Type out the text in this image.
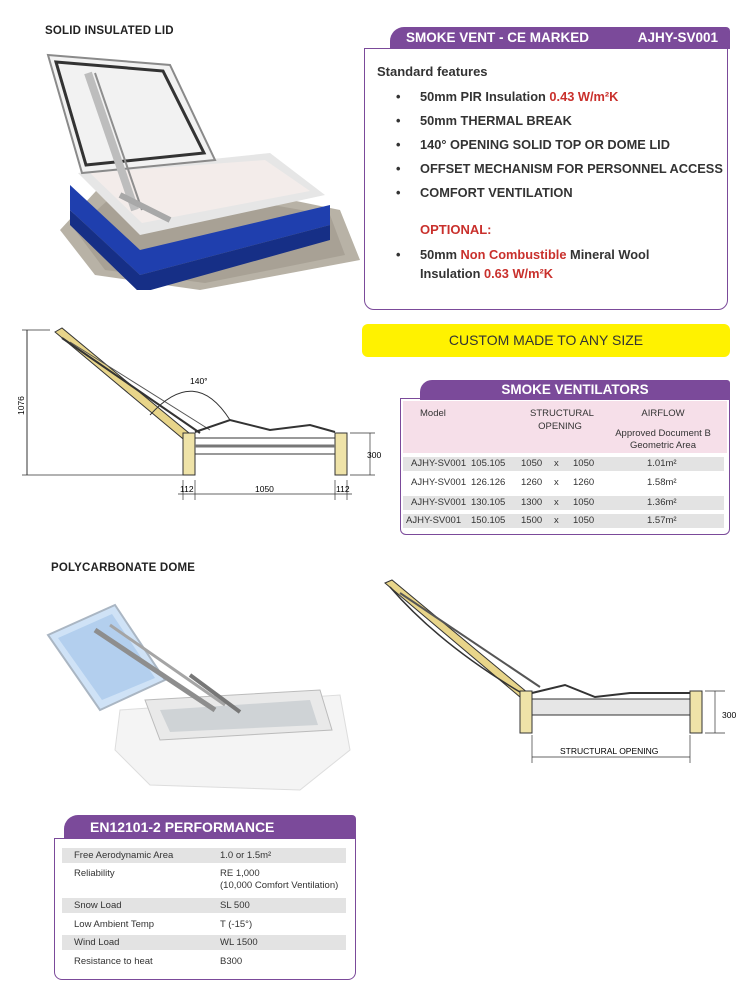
SOLID INSULATED LID
POLYCARBONATE DOME
SMOKE VENT - CE MARKED	AJHY-SV001
Standard features
• 50mm PIR Insulation 0.43 W/m²K
• 50mm THERMAL BREAK
• 140° OPENING SOLID TOP OR DOME LID
• OFFSET MECHANISM FOR PERSONNEL ACCESS
• COMFORT VENTILATION
• 50mm Non Combustible Mineral Wool
Insulation 0.63 W/m²K
OPTIONAL:
CUSTOM MADE TO ANY SIZE
1076
140°
300
112	1050	112
SMOKE VENTILATORS
Model	STRUCTURAL
OPENING
AIRFLOW
Approved Document B
Geometric Area
AJHY-SV001 105.105 1050 x 1050	1.01m²
AJHY-SV001 126.126 1260 x 1260	1.58m²
AJHY-SV001 130.105 1300 x 1050	1.36m²
AJHY-SV001 150.105 1500 x 1050	1.57m²
300
STRUCTURAL OPENING
EN12101-2 PERFORMANCE
Free Aerodynamic Area	1.0 or 1.5m²
Reliability	RE 1,000
(10,000 Comfort Ventilation)
Snow Load	SL 500
Low Ambient Temp	T (-15°)
Wind Load	WL 1500
Resistance to heat	B300
